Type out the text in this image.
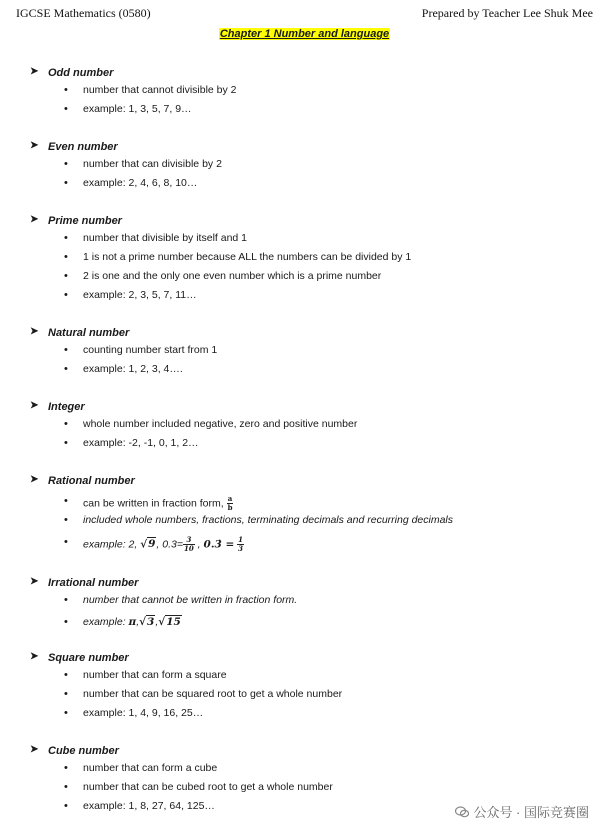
IGCSE Mathematics (0580)	Prepared by Teacher Lee Shuk Mee
Chapter 1 Number and language
➤ Odd number
• number that cannot divisible by 2
• example: 1, 3, 5, 7, 9…
➤ Even number
• number that can divisible by 2
• example: 2, 4, 6, 8, 10…
➤ Prime number
• number that divisible by itself and 1
• 1 is not a prime number because ALL the numbers can be divided by 1
• 2 is one and the only one even number which is a prime number
• example: 2, 3, 5, 7, 11…
➤ Natural number
• counting number start from 1
• example: 1, 2, 3, 4….
➤ Integer
• whole number included negative, zero and positive number
• example: -2, -1, 0, 1, 2…
➤ Rational number
• can be written in fraction form, $\frac{a}{b}$
• included whole numbers, fractions, terminating decimals and recurring decimals
• example: 2, √9, $0.3= \frac{3}{10}$ , 0.3̇ = $\frac{1}{3}$
➤ Irrational number
• number that cannot be written in fraction form.
• example: π,√3,√15
➤ Square number
• number that can form a square
• number that can be squared root to get a whole number
• example: 1, 4, 9, 16, 25…
➤ Cube number
• number that can form a cube
• number that can be cubed root to get a whole number
• example: 1, 8, 27, 64, 125…	公众号 · 国际竞赛圈
